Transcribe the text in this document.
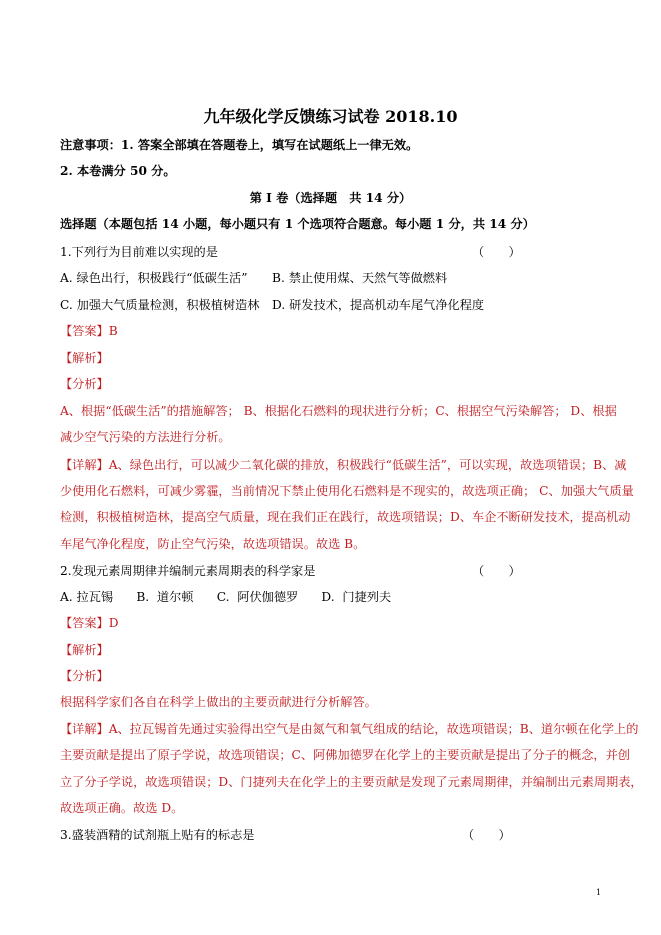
九年级化学反馈练习试卷 2018.10
注意事项：1. 答案全部填在答题卷上，填写在试题纸上一律无效。
2. 本卷满分 50 分。
第 I 卷（选择题　共 14 分）
选择题（本题包括 14 小题，每小题只有 1 个选项符合题意。每小题 1 分，共 14 分）
1.下列行为目前难以实现的是	（　　）
A. 绿色出行，积极践行“低碳生活” B. 禁止使用煤、天然气等做燃料
C. 加强大气质量检测，积极植树造林 D. 研发技术，提高机动车尾气净化程度
【答案】B
【解析】
【分析】
A、根据“低碳生活”的措施解答； B、根据化石燃料的现状进行分析；C、根据空气污染解答； D、根据
减少空气污染的方法进行分析。
【详解】A、绿色出行，可以减少二氧化碳的排放，积极践行“低碳生活”，可以实现，故选项错误；B、减
少使用化石燃料，可减少雾霾，当前情况下禁止使用化石燃料是不现实的，故选项正确； C、加强大气质量
检测，积极植树造林，提高空气质量，现在我们正在践行，故选项错误；D、车企不断研发技术，提高机动
车尾气净化程度，防止空气污染，故选项错误。故选 B。
2.发现元素周期律并编制元素周期表的科学家是	（　　）
A. 拉瓦锡      B.  道尔顿      C.  阿伏伽德罗      D.  门捷列夫
【答案】D
【解析】
【分析】
根据科学家们各自在科学上做出的主要贡献进行分析解答。
【详解】A、拉瓦锡首先通过实验得出空气是由氮气和氧气组成的结论，故选项错误；B、道尔顿在化学上的
主要贡献是提出了原子学说，故选项错误；C、阿佛加德罗在化学上的主要贡献是提出了分子的概念，并创
立了分子学说，故选项错误；D、门捷列夫在化学上的主要贡献是发现了元素周期律，并编制出元素周期表，
故选项正确。故选 D。
3.盛装酒精的试剂瓶上贴有的标志是	（　　）
1
